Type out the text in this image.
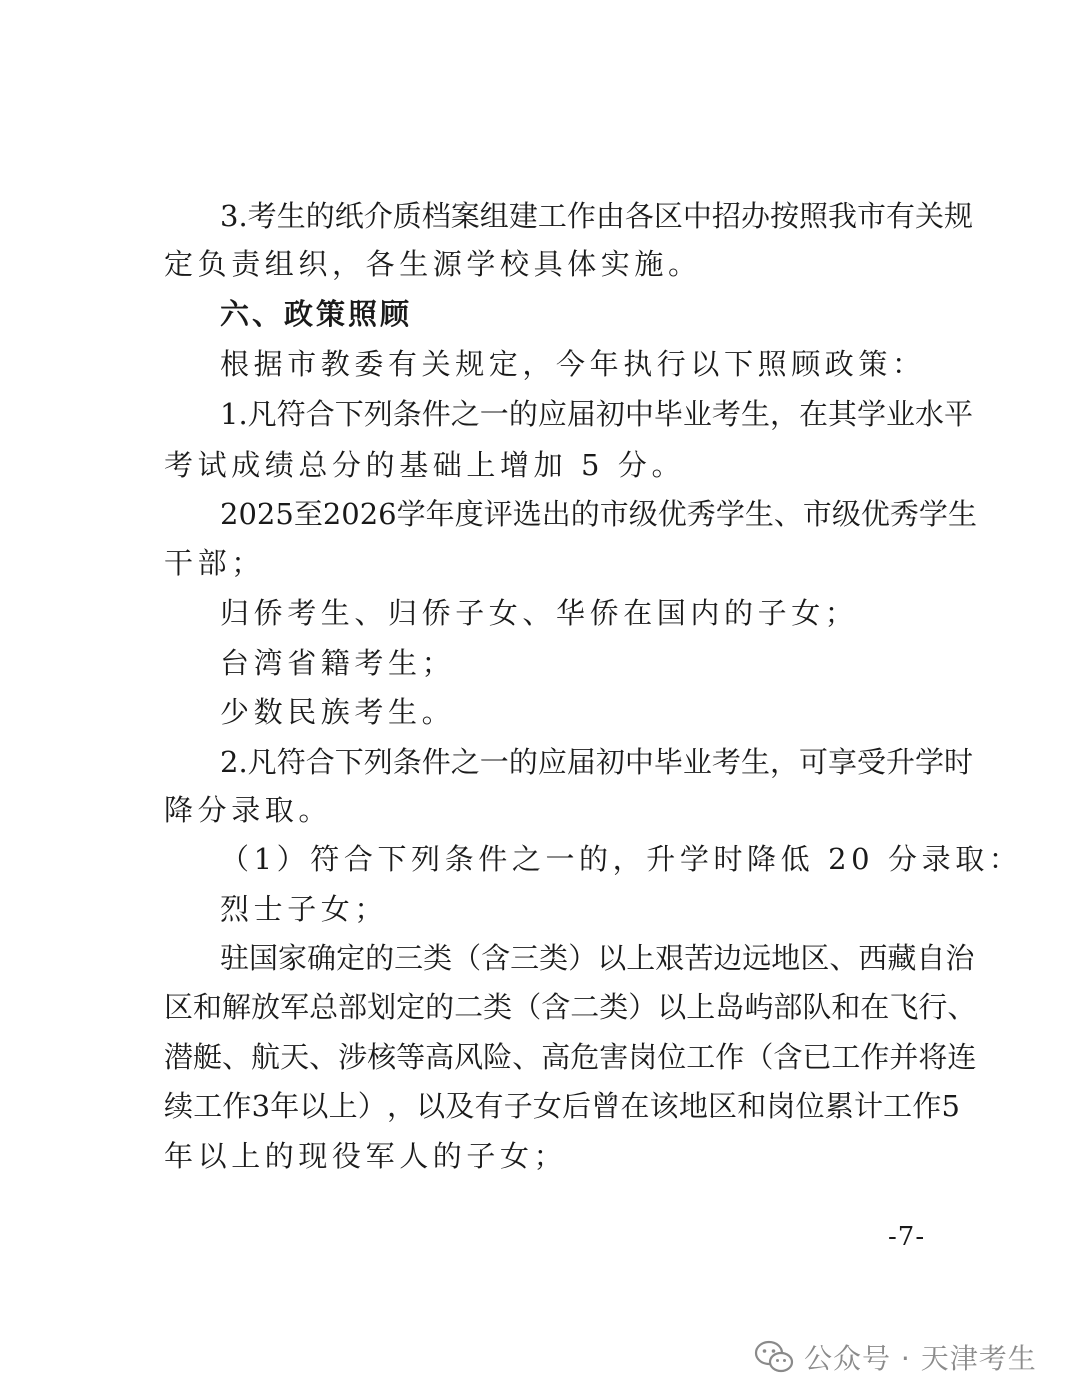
3 . 考 生 的 纸 介 质 档 案 组 建 工 作 由 各 区 中 招 办 按 照 我 市 有 关 规
定负责组织，各生源学校具体实施。
六、政策照顾
根据市教委有关规定，今年执行以下照顾政策：
1 . 凡 符 合 下 列 条 件 之 一 的 应 届 初 中 毕 业 考 生 ， 在 其 学 业 水 平
考试成绩总分的基础上增加 5 分。
2025 至 2026 学 年 度 评 选 出 的 市 级 优 秀 学 生 、 市 级 优 秀 学 生
干部；
归侨考生、归侨子女、华侨在国内的子女；
台湾省籍考生；
少数民族考生。
2 . 凡 符 合 下 列 条 件 之 一 的 应 届 初 中 毕 业 考 生 ， 可 享 受 升 学 时
降分录取。
（1）符合下列条件之一的，升学时降低 20 分录取：
烈士子女；
驻 国 家 确 定 的 三 类 （ 含 三 类 ） 以 上 艰 苦 边 远 地 区 、 西 藏 自 治
区 和 解 放 军 总 部 划 定 的 二 类 （ 含 二 类 ） 以 上 岛 屿 部 队 和 在 飞 行 、
潜 艇 、 航 天 、 涉 核 等 高 风 险 、 高 危 害 岗 位 工 作 （ 含 已 工 作 并 将 连
续 工 作 3 年 以 上 ） ， 以 及 有 子 女 后 曾 在 该 地 区 和 岗 位 累 计 工 作 5
年以上的现役军人的子女；
-7-
公众号 · 天津考生
